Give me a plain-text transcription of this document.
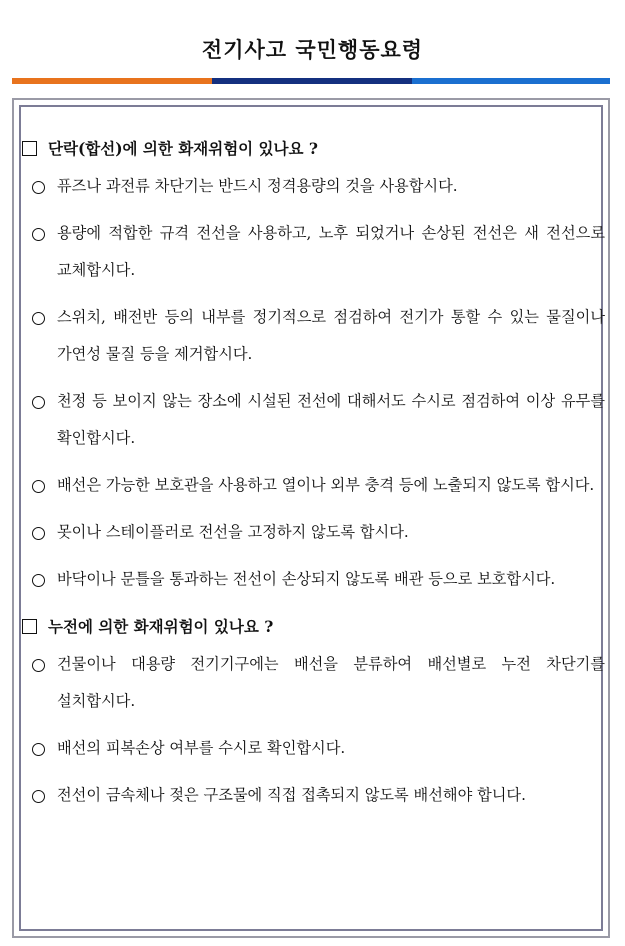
전기사고 국민행동요령
단락(합선)에 의한 화재위험이 있나요 ?
퓨즈나 과전류 차단기는 반드시 정격용량의 것을 사용합시다.
용량에 적합한 규격 전선을 사용하고, 노후 되었거나 손상된 전선은 새 전선으로 교체합시다.
스위치, 배전반 등의 내부를 정기적으로 점검하여 전기가 통할 수 있는 물질이나 가연성 물질 등을 제거합시다.
천정 등 보이지 않는 장소에 시설된 전선에 대해서도 수시로 점검하여 이상 유무를 확인합시다.
배선은 가능한 보호관을 사용하고 열이나 외부 충격 등에 노출되지 않도록 합시다.
못이나 스테이플러로 전선을 고정하지 않도록 합시다.
바닥이나 문틀을 통과하는 전선이 손상되지 않도록 배관 등으로 보호합시다.
누전에 의한 화재위험이 있나요 ?
건물이나 대용량 전기기구에는 배선을 분류하여 배선별로 누전 차단기를 설치합시다.
배선의 피복손상 여부를 수시로 확인합시다.
전선이 금속체나 젖은 구조물에 직접 접촉되지 않도록 배선해야 합니다.
